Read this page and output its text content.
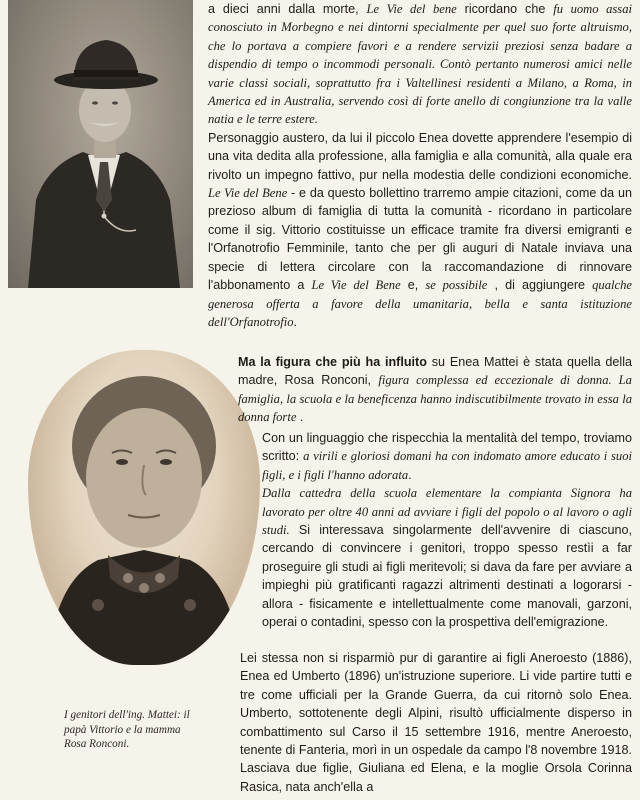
a dieci anni dalla morte, Le Vie del bene ricordano che fu uomo assai conosciuto in Morbegno e nei dintorni specialmente per quel suo forte altruismo, che lo portava a compiere favori e a rendere servizii preziosi senza badare a dispendio di tempo o incommodi personali. Contò pertanto numerosi amici nelle varie classi sociali, soprattutto fra i Valtellinesi residenti a Milano, a Roma, in America ed in Australia, servendo così di forte anello di congiunzione tra la valle natia e le terre estere.

Personaggio austero, da lui il piccolo Enea dovette apprendere l'esempio di una vita dedita alla professione, alla famiglia e alla comunità, alla quale era rivolto un impegno fattivo, pur nella modestia delle condizioni economiche. Le Vie del Bene - e da questo bollettino trarremo ampie citazioni, come da un prezioso album di famiglia di tutta la comunità - ricordano in particolare come il sig. Vittorio costituisse un efficace tramite fra diversi emigranti e l'Orfanotrofio Femminile, tanto che per gli auguri di Natale inviava una specie di lettera circolare con la raccomandazione di rinnovare l'abbonamento a Le Vie del Bene e, se possibile , di aggiungere qualche generosa offerta a favore della umanitaria, bella e santa istituzione dell'Orfanotrofio.

Ma la figura che più ha influito su Enea Mattei è stata quella della madre, Rosa Ronconi, figura complessa ed eccezionale di donna. La famiglia, la scuola e la beneficenza hanno indiscutibilmente trovato in essa la donna forte .

Con un linguaggio che rispecchia la mentalità del tempo, troviamo scritto: a virili e gloriosi domani ha con indomato amore educato i suoi figli, e i figli l'hanno adorata.

Dalla cattedra della scuola elementare la compianta Signora ha lavorato per oltre 40 anni ad avviare i figli del popolo o al lavoro o agli studi. Si interessava singolarmente dell'avvenire di ciascuno, cercando di convincere i genitori, troppo spesso restìi a far proseguire gli studi ai figli meritevoli; si dava da fare per avviare a impieghi più gratificanti ragazzi altrimenti destinati a logorarsi - allora - fisicamente e intellettualmente come manovali, garzoni, operai o contadini, spesso con la prospettiva dell'emigrazione.

Lei stessa non si risparmiò pur di garantire ai figli Aneroesto (1886), Enea ed Umberto (1896) un'istruzione superiore. Li vide partire tutti e tre come ufficiali per la Grande Guerra, da cui ritornò solo Enea. Umberto, sottotenente degli Alpini, risultò ufficialmente disperso in combattimento sul Carso il 15 settembre 1916, mentre Aneroesto, tenente di Fanteria, morì in un ospedale da campo l'8 novembre 1918. Lasciava due figlie, Giuliana ed Elena, e la moglie Orsola Corinna Rasica, nata anch'ella a

I genitori dell'ing. Mattei: il papà Vittorio e la mamma Rosa Ronconi.
